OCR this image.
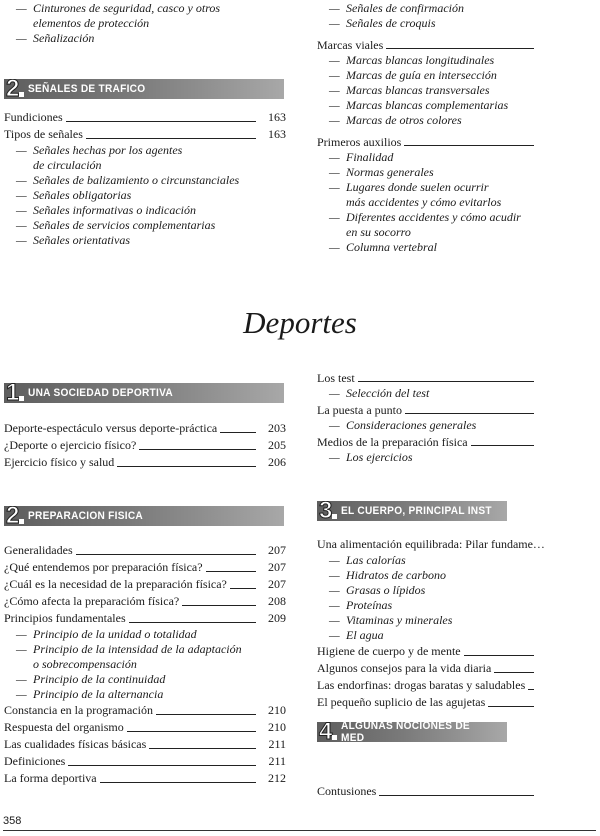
— Cinturones de seguridad, casco y otros
elementos de protección
— Señalización
2 SEÑALES DE TRAFICO
Fundiciones	163
Tipos de señales	163
— Señales hechas por los agentes
de circulación
— Señales de balizamiento o circunstanciales
— Señales obligatorias
— Señales informativas o indicación
— Señales de servicios complementarias
— Señales orientativas
— Señales de confirmación
— Señales de croquis
Marcas viales
— Marcas blancas longitudinales
— Marcas de guía en intersección
— Marcas blancas transversales
— Marcas blancas complementarias
— Marcas de otros colores
Primeros auxilios
— Finalidad
— Normas generales
— Lugares donde suelen ocurrir
más accidentes y cómo evitarlos
— Diferentes accidentes y cómo acudir
en su socorro
— Columna vertebral
Deportes
1 UNA SOCIEDAD DEPORTIVA
Deporte-espectáculo versus deporte-práctica	203
¿Deporte o ejercicio físico?	205
Ejercicio físico y salud	206
2 PREPARACION FISICA
Generalidades	207
¿Qué entendemos por preparación física?	207
¿Cuál es la necesidad de la preparación física?	207
¿Cómo afecta la preparacióm física?	208
Principios fundamentales	209
— Principio de la unidad o totalidad
— Principio de la intensidad de la adaptación
o sobrecompensación
— Principio de la continuidad
— Principio de la alternancia
Constancia en la programación	210
Respuesta del organismo	210
Las cualidades físicas básicas	211
Definiciones	211
La forma deportiva	212
Los test
— Selección del test
La puesta a punto
— Consideraciones generales
Medios de la preparación física
— Los ejercicios
3 EL CUERPO, PRINCIPAL INST
Una alimentación equilibrada: Pilar fundame…
— Las calorías
— Hidratos de carbono
— Grasas o lípidos
— Proteínas
— Vitaminas y minerales
— El agua
Higiene de cuerpo y de mente
Algunos consejos para la vida diaria
Las endorfinas: drogas baratas y saludables
El pequeño suplicio de las agujetas
4 ALGUNAS NOCIONES DE MED
Contusiones
358
